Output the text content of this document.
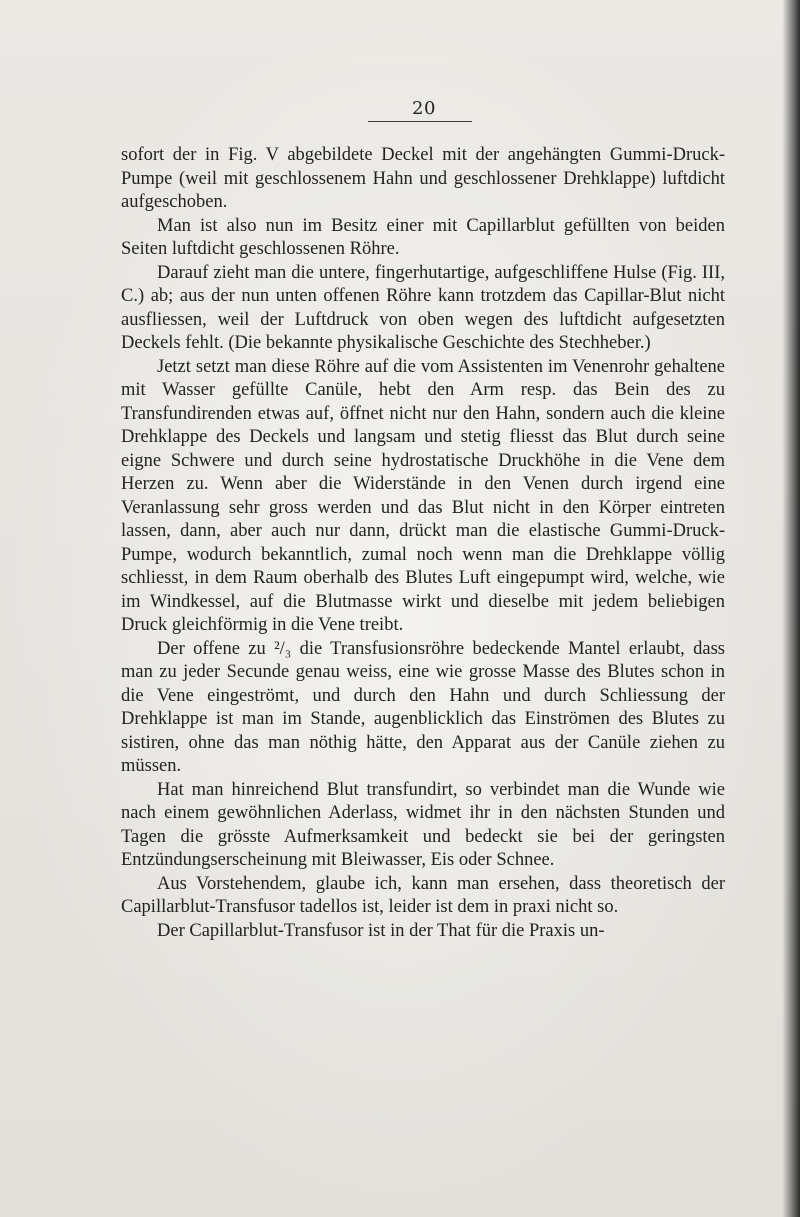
20

sofort der in Fig. V abgebildete Deckel mit der angehängten Gummi-Druck-Pumpe (weil mit geschlossenem Hahn und geschlossener Drehklappe) luftdicht aufgeschoben.

Man ist also nun im Besitz einer mit Capillarblut gefüllten von beiden Seiten luftdicht geschlossenen Röhre.

Darauf zieht man die untere, fingerhutartige, aufgeschliffene Hulse (Fig. III, C.) ab; aus der nun unten offenen Röhre kann trotzdem das Capillar-Blut nicht ausfliessen, weil der Luftdruck von oben wegen des luftdicht aufgesetzten Deckels fehlt. (Die bekannte physikalische Geschichte des Stechheber.)

Jetzt setzt man diese Röhre auf die vom Assistenten im Venenrohr gehaltene mit Wasser gefüllte Canüle, hebt den Arm resp. das Bein des zu Transfundirenden etwas auf, öffnet nicht nur den Hahn, sondern auch die kleine Drehklappe des Deckels und langsam und stetig fliesst das Blut durch seine eigne Schwere und durch seine hydrostatische Druckhöhe in die Vene dem Herzen zu. Wenn aber die Widerstände in den Venen durch irgend eine Veranlassung sehr gross werden und das Blut nicht in den Körper eintreten lassen, dann, aber auch nur dann, drückt man die elastische Gummi-Druck-Pumpe, wodurch bekanntlich, zumal noch wenn man die Drehklappe völlig schliesst, in dem Raum oberhalb des Blutes Luft eingepumpt wird, welche, wie im Windkessel, auf die Blutmasse wirkt und dieselbe mit jedem beliebigen Druck gleichförmig in die Vene treibt.

Der offene zu ²/₃ die Transfusionsröhre bedeckende Mantel erlaubt, dass man zu jeder Secunde genau weiss, eine wie grosse Masse des Blutes schon in die Vene eingeströmt, und durch den Hahn und durch Schliessung der Drehklappe ist man im Stande, augenblicklich das Einströmen des Blutes zu sistiren, ohne das man nöthig hätte, den Apparat aus der Canüle ziehen zu müssen.

Hat man hinreichend Blut transfundirt, so verbindet man die Wunde wie nach einem gewöhnlichen Aderlass, widmet ihr in den nächsten Stunden und Tagen die grösste Aufmerksamkeit und bedeckt sie bei der geringsten Entzündungserscheinung mit Bleiwasser, Eis oder Schnee.

Aus Vorstehendem, glaube ich, kann man ersehen, dass theoretisch der Capillarblut-Transfusor tadellos ist, leider ist dem in praxi nicht so.

Der Capillarblut-Transfusor ist in der That für die Praxis un-
